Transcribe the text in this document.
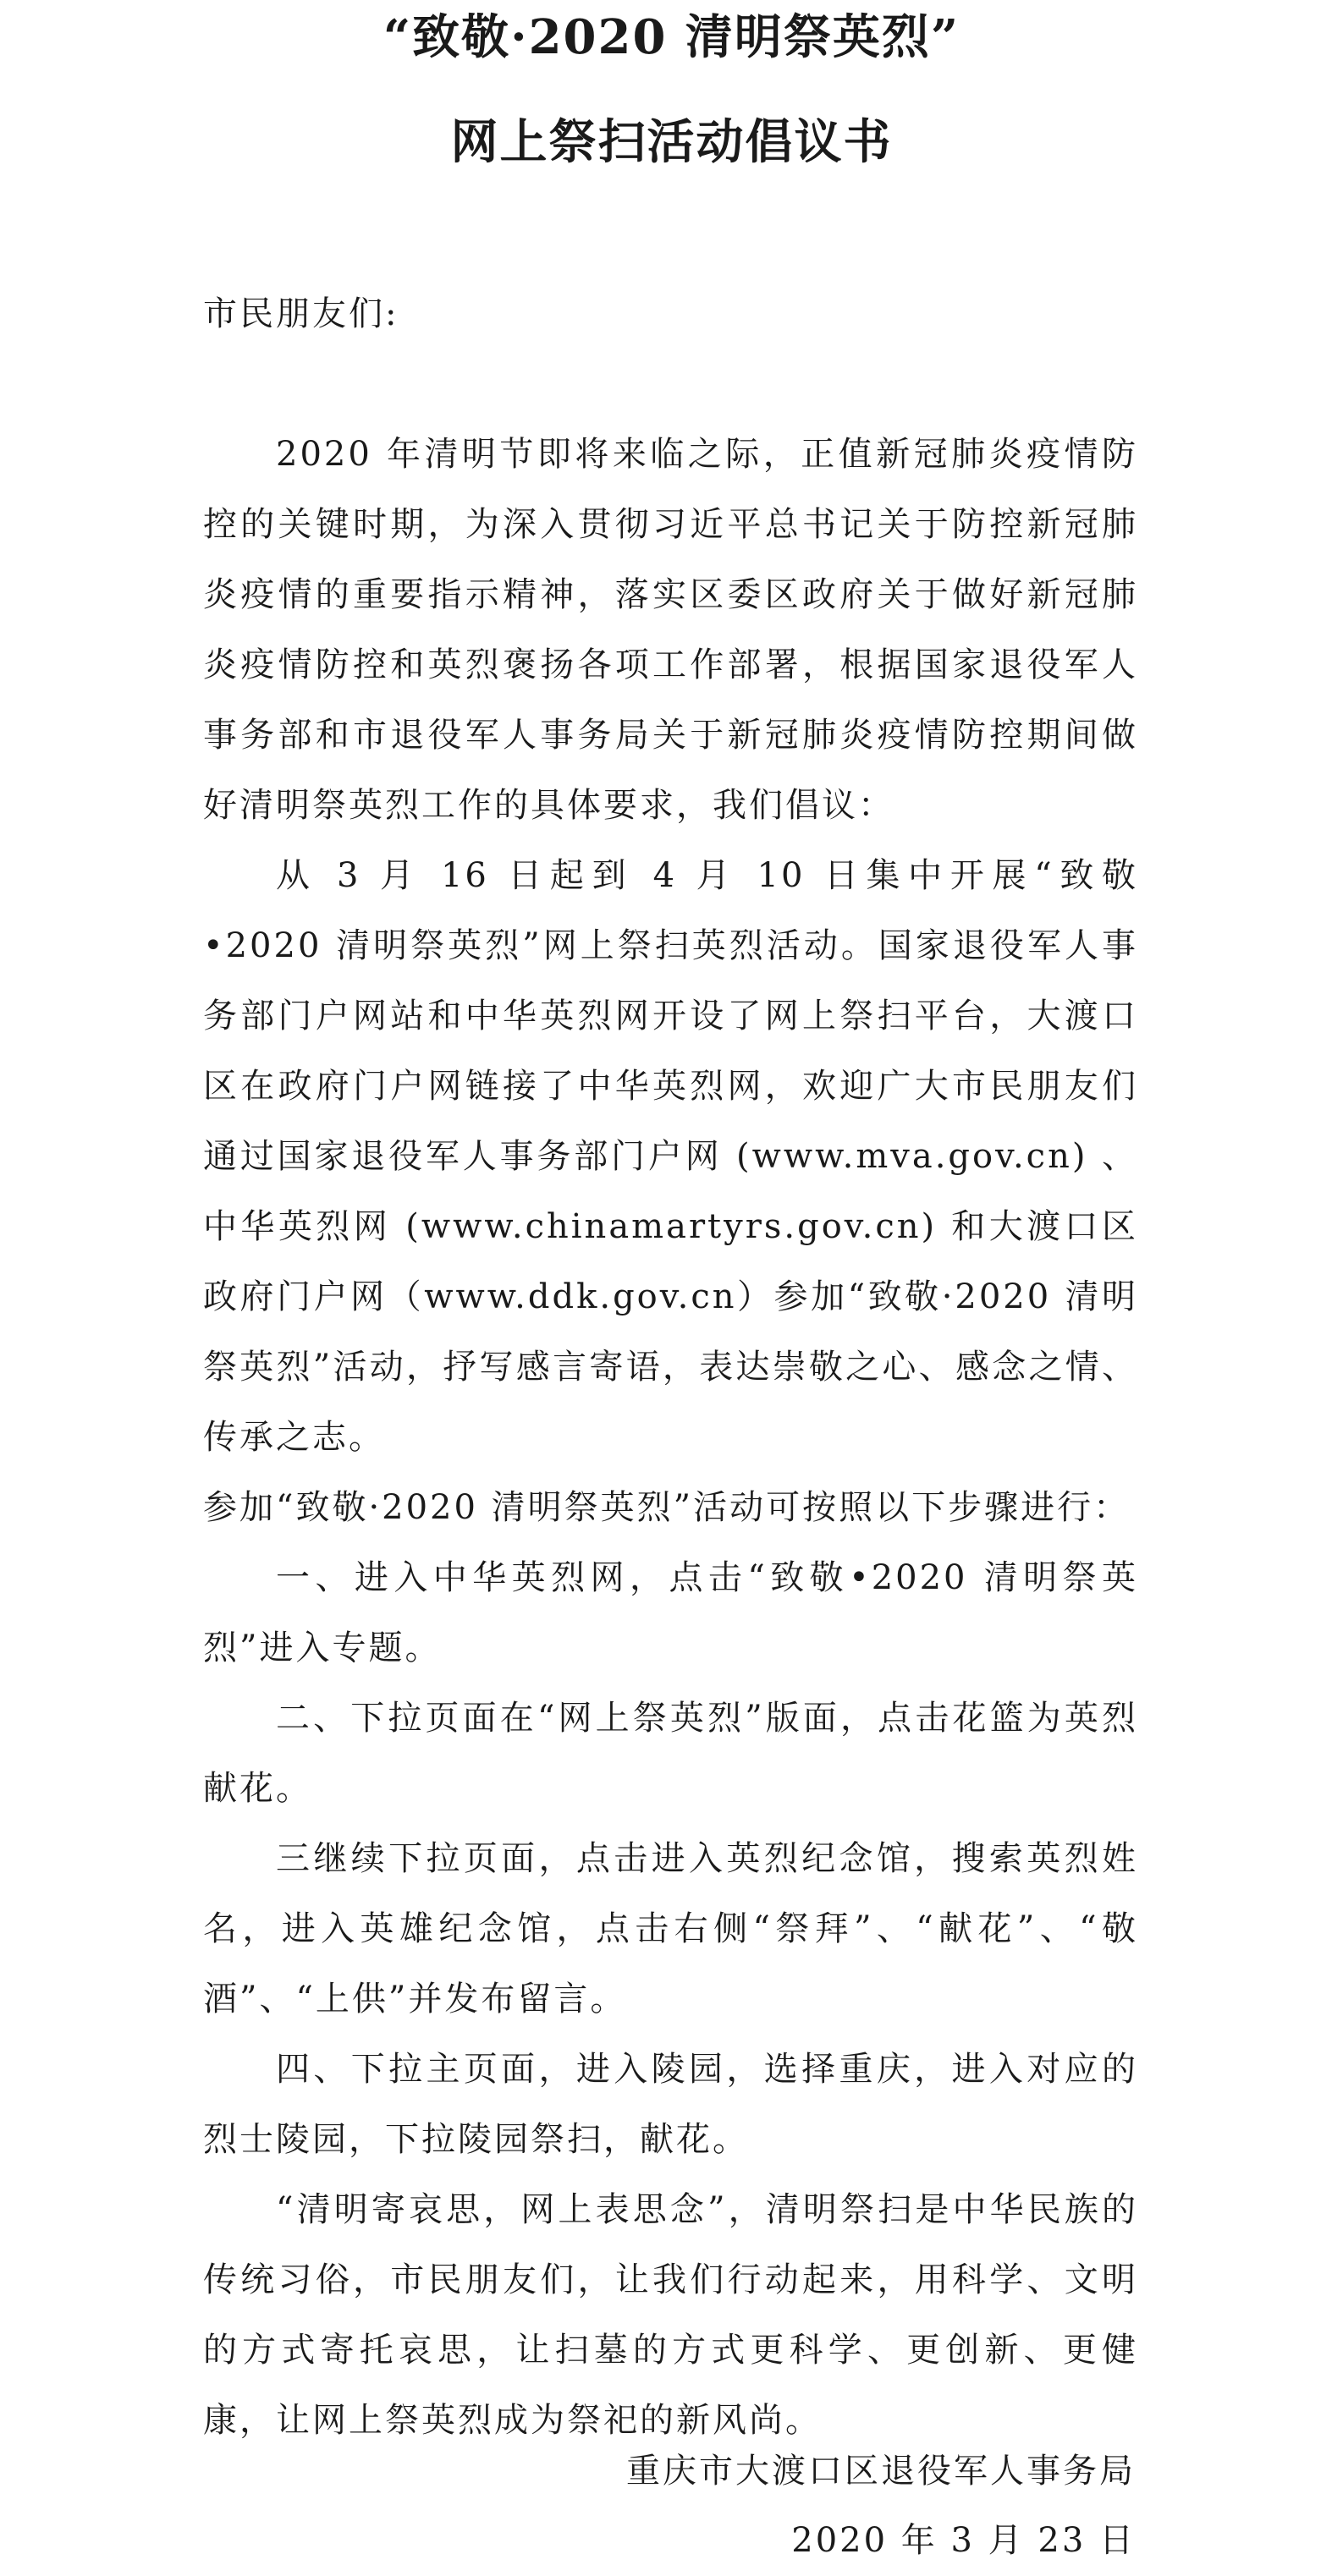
“致敬·2020 清明祭英烈”
网上祭扫活动倡议书

市民朋友们:

2020 年清明节即将来临之际，正值新冠肺炎疫情防控的关键时期，为深入贯彻习近平总书记关于防控新冠肺炎疫情的重要指示精神，落实区委区政府关于做好新冠肺炎疫情防控和英烈褒扬各项工作部署，根据国家退役军人事务部和市退役军人事务局关于新冠肺炎疫情防控期间做好清明祭英烈工作的具体要求，我们倡议：

从 3 月 16 日起到 4 月 10 日集中开展“致敬•2020 清明祭英烈”网上祭扫英烈活动。国家退役军人事务部门户网站和中华英烈网开设了网上祭扫平台，大渡口区在政府门户网链接了中华英烈网，欢迎广大市民朋友们通过国家退役军人事务部门户网 (www.mva.gov.cn) 、中华英烈网 (www.chinamartyrs.gov.cn) 和大渡口区政府门户网（www.ddk.gov.cn）参加“致敬·2020 清明祭英烈”活动，抒写感言寄语，表达崇敬之心、感念之情、传承之志。

参加“致敬·2020 清明祭英烈”活动可按照以下步骤进行：

一、进入中华英烈网，点击“致敬•2020 清明祭英烈”进入专题。

二、下拉页面在“网上祭英烈”版面，点击花篮为英烈献花。

三继续下拉页面，点击进入英烈纪念馆，搜索英烈姓名，进入英雄纪念馆，点击右侧“祭拜”、“献花”、“敬酒”、“上供”并发布留言。

四、下拉主页面，进入陵园，选择重庆，进入对应的烈士陵园，下拉陵园祭扫，献花。

“清明寄哀思，网上表思念”，清明祭扫是中华民族的传统习俗，市民朋友们，让我们行动起来，用科学、文明的方式寄托哀思，让扫墓的方式更科学、更创新、更健康，让网上祭英烈成为祭祀的新风尚。

重庆市大渡口区退役军人事务局

2020 年 3 月 23 日
